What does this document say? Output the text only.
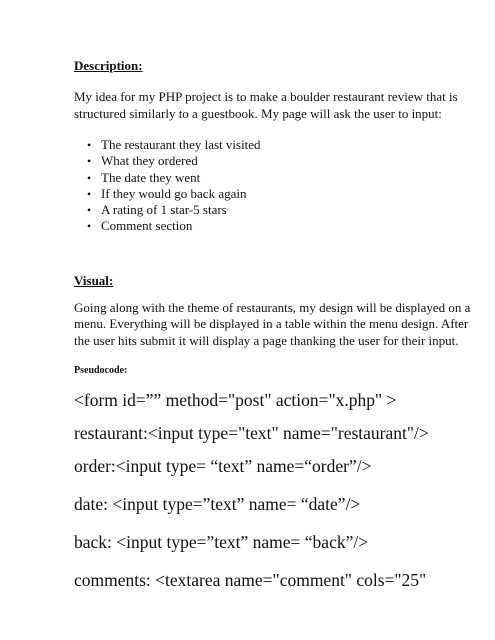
Description:

My idea for my PHP project is to make a boulder restaurant review that is structured similarly to a guestbook. My page will ask the user to input:

• The restaurant they last visited
• What they ordered
• The date they went
• If they would go back again
• A rating of 1 star-5 stars
• Comment section

Visual:

Going along with the theme of restaurants, my design will be displayed on a menu. Everything will be displayed in a table within the menu design. After the user hits submit it will display a page thanking the user for their input.

Pseudocode:

<form id=”” method="post" action="x.php" >

restaurant:<input type="text" name="restaurant"/>

order:<input type= “text” name=“order”/>

date: <input type=”text” name= “date”/>

back: <input type=”text” name= “back”/>

comments: <textarea name="comment" cols="25"
